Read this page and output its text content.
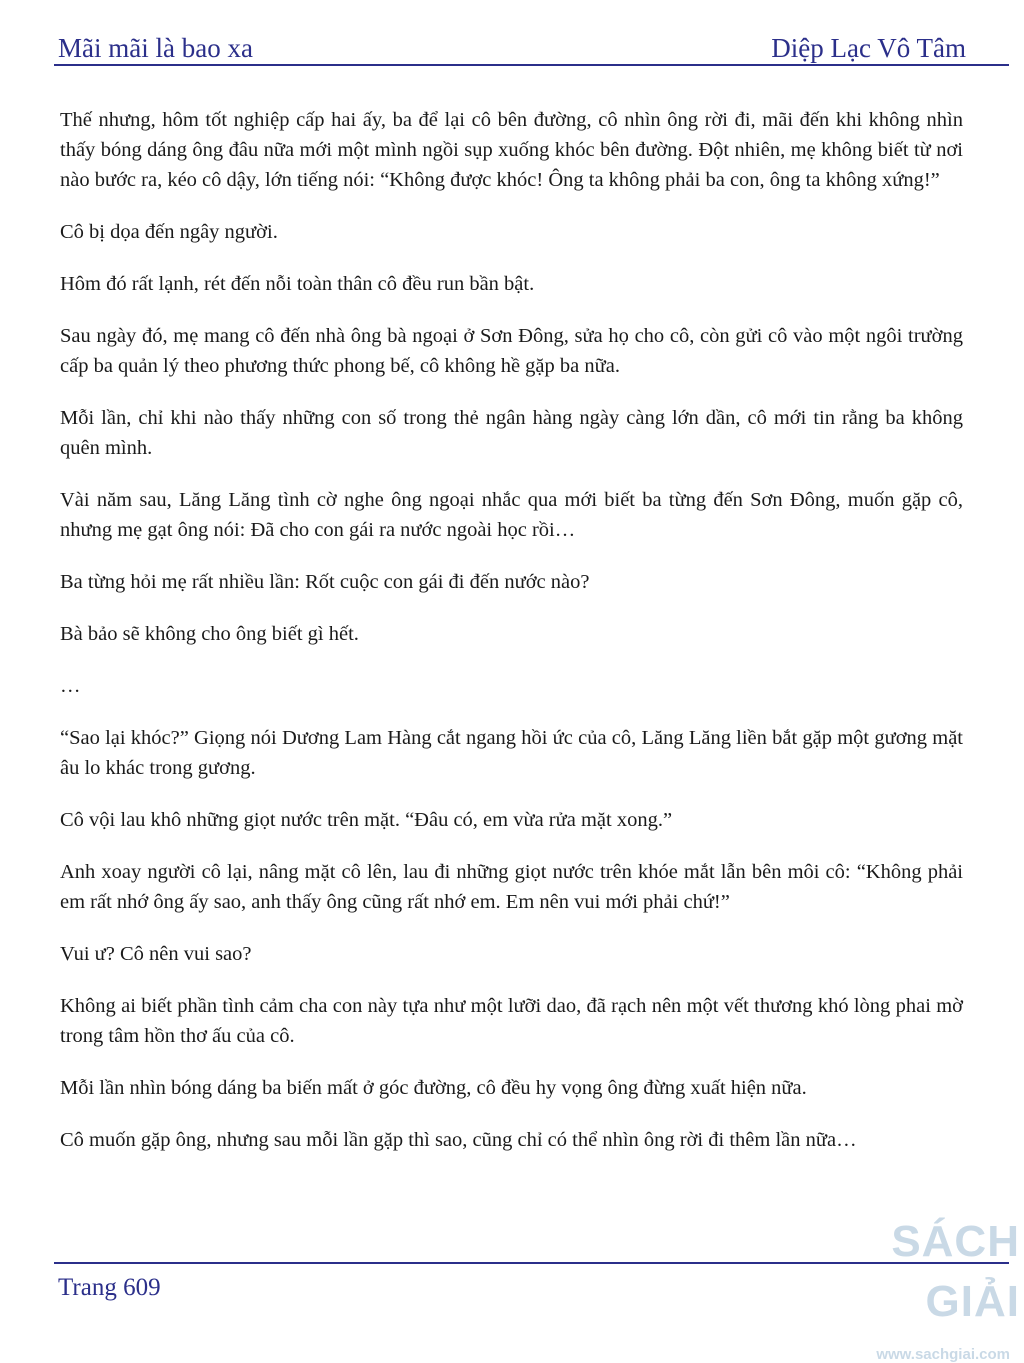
Mãi mãi là bao xa	Diệp Lạc Vô Tâm

Thế nhưng, hôm tốt nghiệp cấp hai ấy, ba để lại cô bên đường, cô nhìn ông rời đi, mãi đến khi không nhìn thấy bóng dáng ông đâu nữa mới một mình ngồi sụp xuống khóc bên đường. Đột nhiên, mẹ không biết từ nơi nào bước ra, kéo cô dậy, lớn tiếng nói: “Không được khóc! Ông ta không phải ba con, ông ta không xứng!”

Cô bị dọa đến ngây người.

Hôm đó rất lạnh, rét đến nỗi toàn thân cô đều run bần bật.

Sau ngày đó, mẹ mang cô đến nhà ông bà ngoại ở Sơn Đông, sửa họ cho cô, còn gửi cô vào một ngôi trường cấp ba quản lý theo phương thức phong bế, cô không hề gặp ba nữa.

Mỗi lần, chỉ khi nào thấy những con số trong thẻ ngân hàng ngày càng lớn dần, cô mới tin rằng ba không quên mình.

Vài năm sau, Lăng Lăng tình cờ nghe ông ngoại nhắc qua mới biết ba từng đến Sơn Đông, muốn gặp cô, nhưng mẹ gạt ông nói: Đã cho con gái ra nước ngoài học rồi…

Ba từng hỏi mẹ rất nhiều lần: Rốt cuộc con gái đi đến nước nào?

Bà bảo sẽ không cho ông biết gì hết.

…

“Sao lại khóc?” Giọng nói Dương Lam Hàng cắt ngang hồi ức của cô, Lăng Lăng liền bắt gặp một gương mặt âu lo khác trong gương.

Cô vội lau khô những giọt nước trên mặt. “Đâu có, em vừa rửa mặt xong.”

Anh xoay người cô lại, nâng mặt cô lên, lau đi những giọt nước trên khóe mắt lẫn bên môi cô: “Không phải em rất nhớ ông ấy sao, anh thấy ông cũng rất nhớ em. Em nên vui mới phải chứ!”

Vui ư? Cô nên vui sao?

Không ai biết phần tình cảm cha con này tựa như một lưỡi dao, đã rạch nên một vết thương khó lòng phai mờ trong tâm hồn thơ ấu của cô.

Mỗi lần nhìn bóng dáng ba biến mất ở góc đường, cô đều hy vọng ông đừng xuất hiện nữa.

Cô muốn gặp ông, nhưng sau mỗi lần gặp thì sao, cũng chỉ có thể nhìn ông rời đi thêm lần nữa…

Trang 609
SÁCH GIẢI
www.sachgiai.com
